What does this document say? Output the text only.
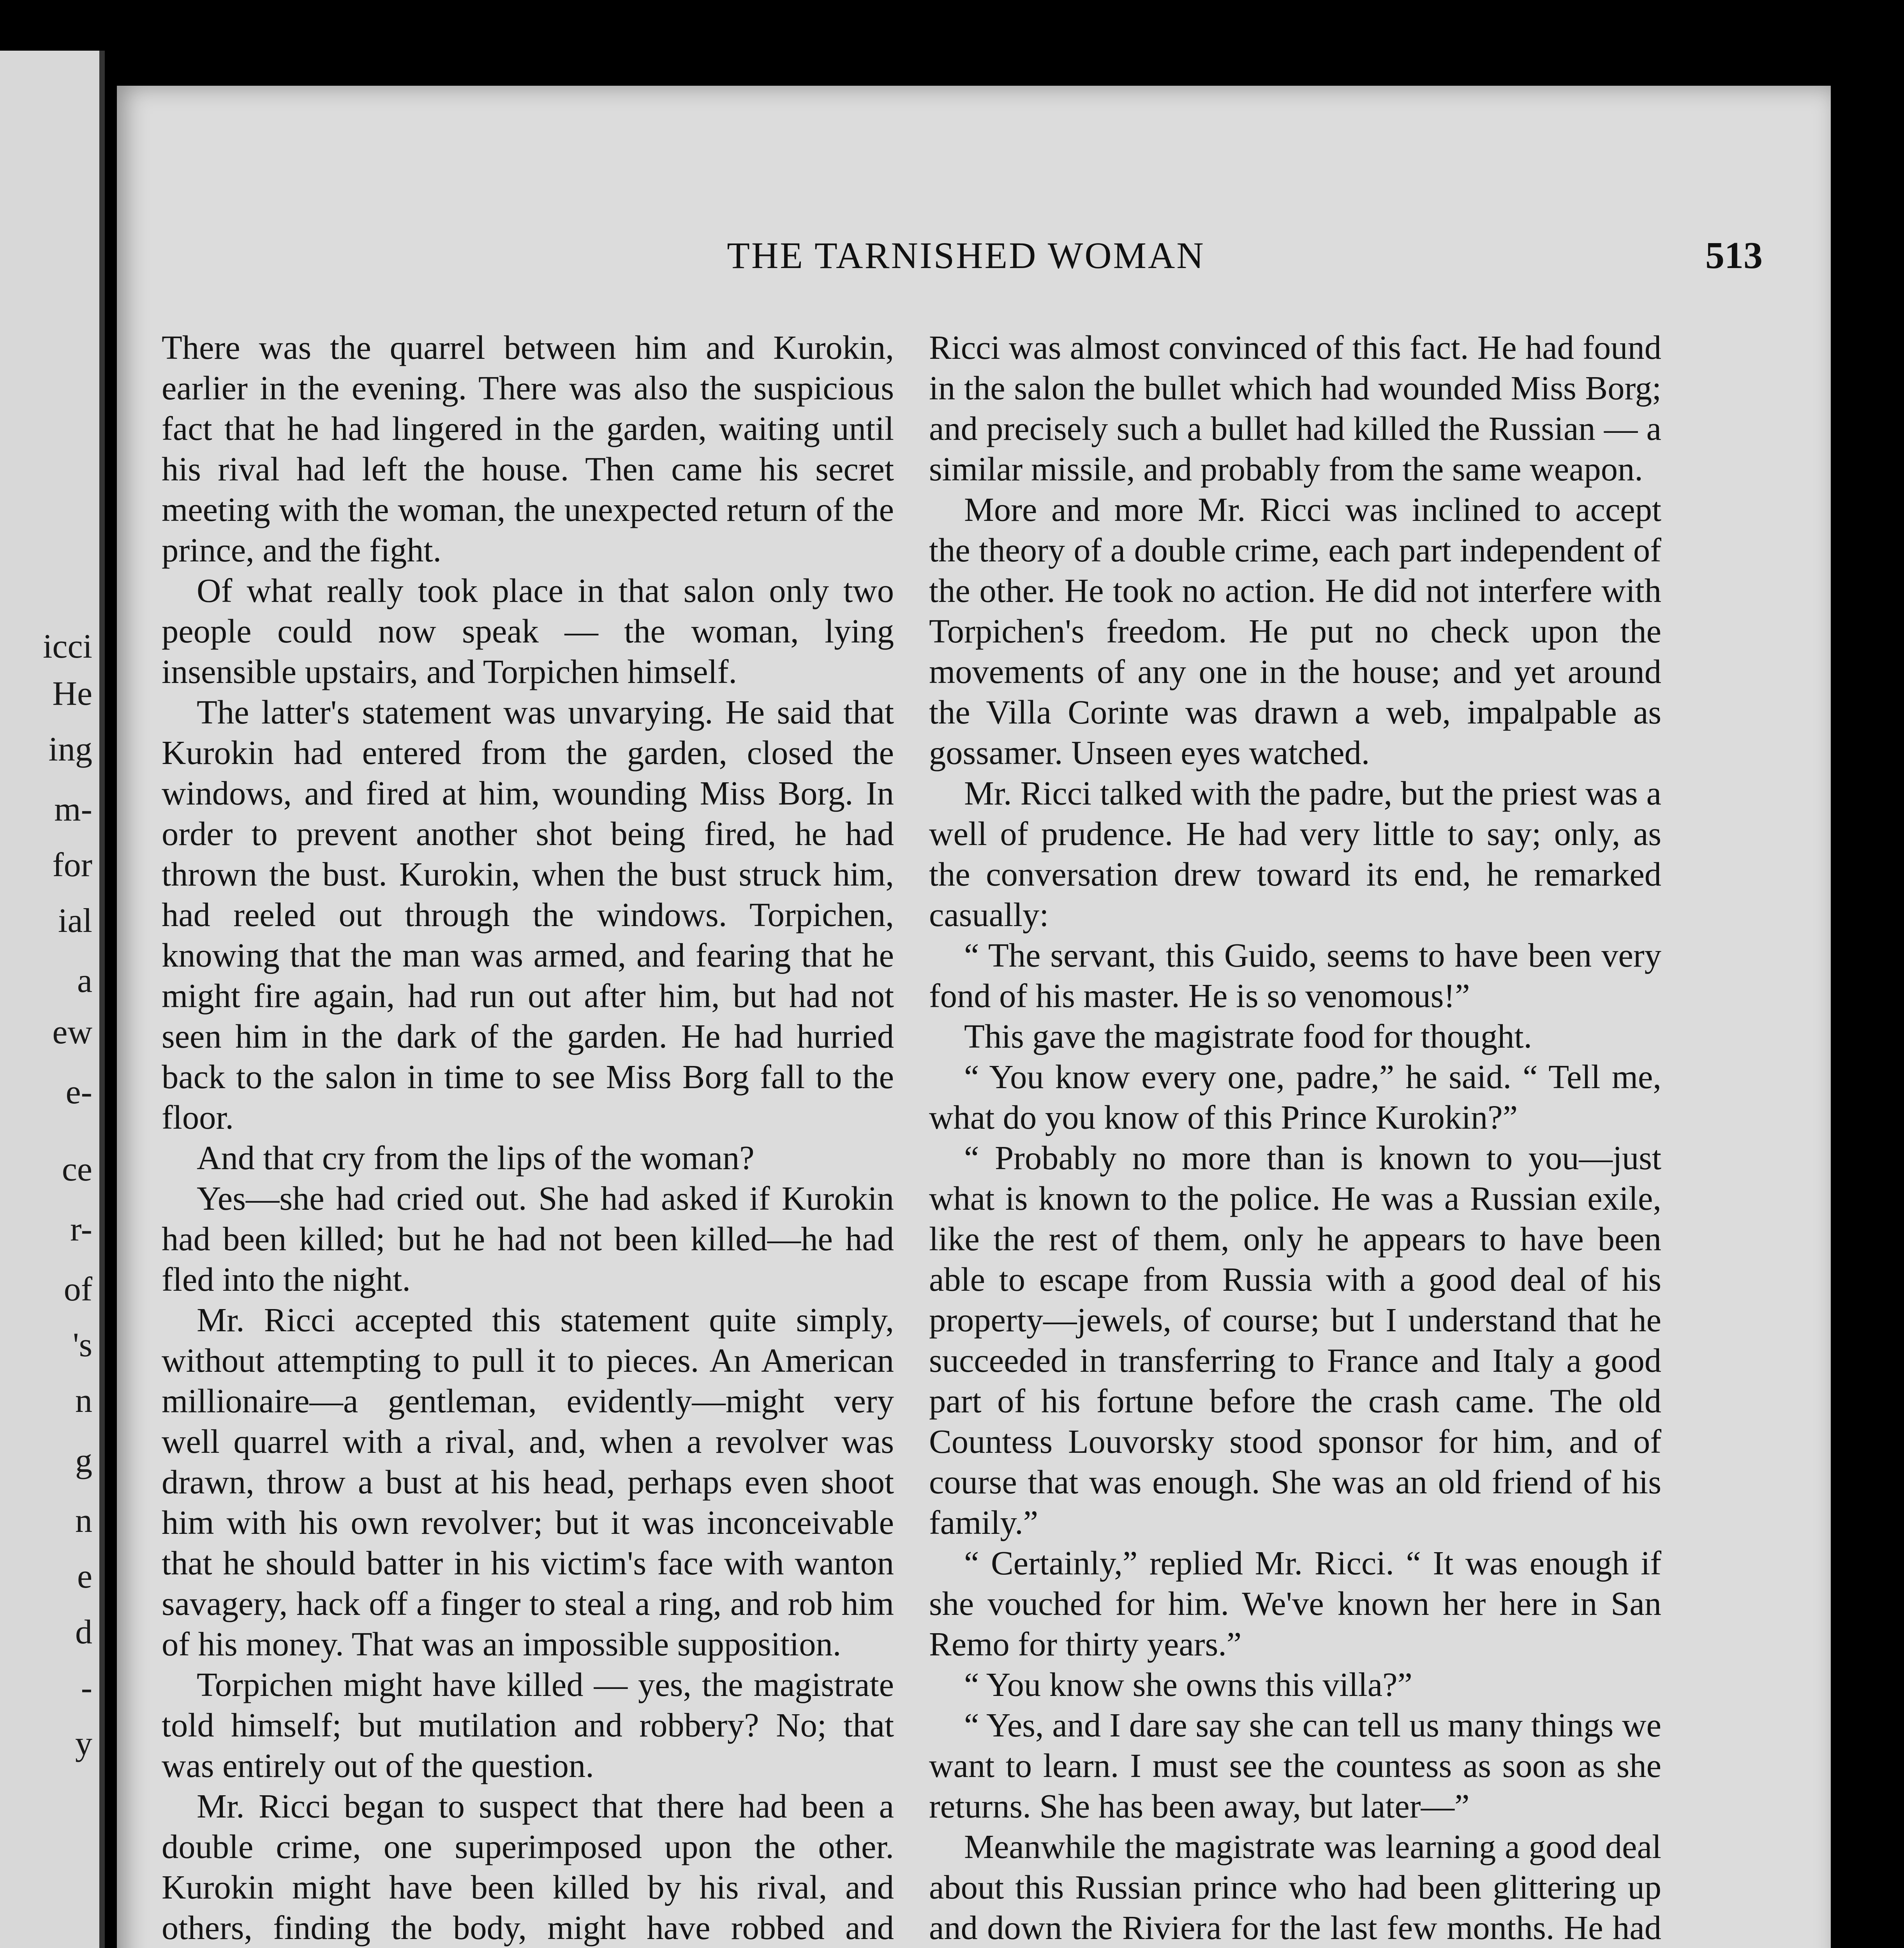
icci
He
ing
m-
for
ial
a
ew
e-
ce
r-
of
's
n
g
n
e
d
-
y
THE TARNISHED WOMAN	513

There was the quarrel between him and Kurokin, earlier in the evening. There was also the suspicious fact that he had lingered in the garden, waiting until his rival had left the house. Then came his secret meeting with the woman, the unexpected return of the prince, and the fight.

Of what really took place in that salon only two people could now speak — the woman, lying insensible upstairs, and Torpichen himself.

The latter's statement was unvarying. He said that Kurokin had entered from the garden, closed the windows, and fired at him, wounding Miss Borg. In order to prevent another shot being fired, he had thrown the bust. Kurokin, when the bust struck him, had reeled out through the windows. Torpichen, knowing that the man was armed, and fearing that he might fire again, had run out after him, but had not seen him in the dark of the garden. He had hurried back to the salon in time to see Miss Borg fall to the floor.

And that cry from the lips of the woman?

Yes—she had cried out. She had asked if Kurokin had been killed; but he had not been killed—he had fled into the night.

Mr. Ricci accepted this statement quite simply, without attempting to pull it to pieces. An American millionaire—a gentleman, evidently—might very well quarrel with a rival, and, when a revolver was drawn, throw a bust at his head, perhaps even shoot him with his own revolver; but it was inconceivable that he should batter in his victim's face with wanton savagery, hack off a finger to steal a ring, and rob him of his money. That was an impossible supposition.

Torpichen might have killed — yes, the magistrate told himself; but mutilation and robbery? No; that was entirely out of the question.

Mr. Ricci began to suspect that there had been a double crime, one superimposed upon the other. Kurokin might have been killed by his rival, and others, finding the body, might have robbed and

Ricci was almost convinced of this fact. He had found in the salon the bullet which had wounded Miss Borg; and precisely such a bullet had killed the Russian — a similar missile, and probably from the same weapon.

More and more Mr. Ricci was inclined to accept the theory of a double crime, each part independent of the other. He took no action. He did not interfere with Torpichen's freedom. He put no check upon the movements of any one in the house; and yet around the Villa Corinte was drawn a web, impalpable as gossamer. Unseen eyes watched.

Mr. Ricci talked with the padre, but the priest was a well of prudence. He had very little to say; only, as the conversation drew toward its end, he remarked casually:

“ The servant, this Guido, seems to have been very fond of his master. He is so venomous!”

This gave the magistrate food for thought.

“ You know every one, padre,” he said. “ Tell me, what do you know of this Prince Kurokin?”

“ Probably no more than is known to you—just what is known to the police. He was a Russian exile, like the rest of them, only he appears to have been able to escape from Russia with a good deal of his property—jewels, of course; but I understand that he succeeded in transferring to France and Italy a good part of his fortune before the crash came. The old Countess Louvorsky stood sponsor for him, and of course that was enough. She was an old friend of his family.”

“ Certainly,” replied Mr. Ricci. “ It was enough if she vouched for him. We've known her here in San Remo for thirty years.”

“ You know she owns this villa?”

“ Yes, and I dare say she can tell us many things we want to learn. I must see the countess as soon as she returns. She has been away, but later—”

Meanwhile the magistrate was learning a good deal about this Russian prince who had been glittering up and down the Riviera for the last few months. He had
